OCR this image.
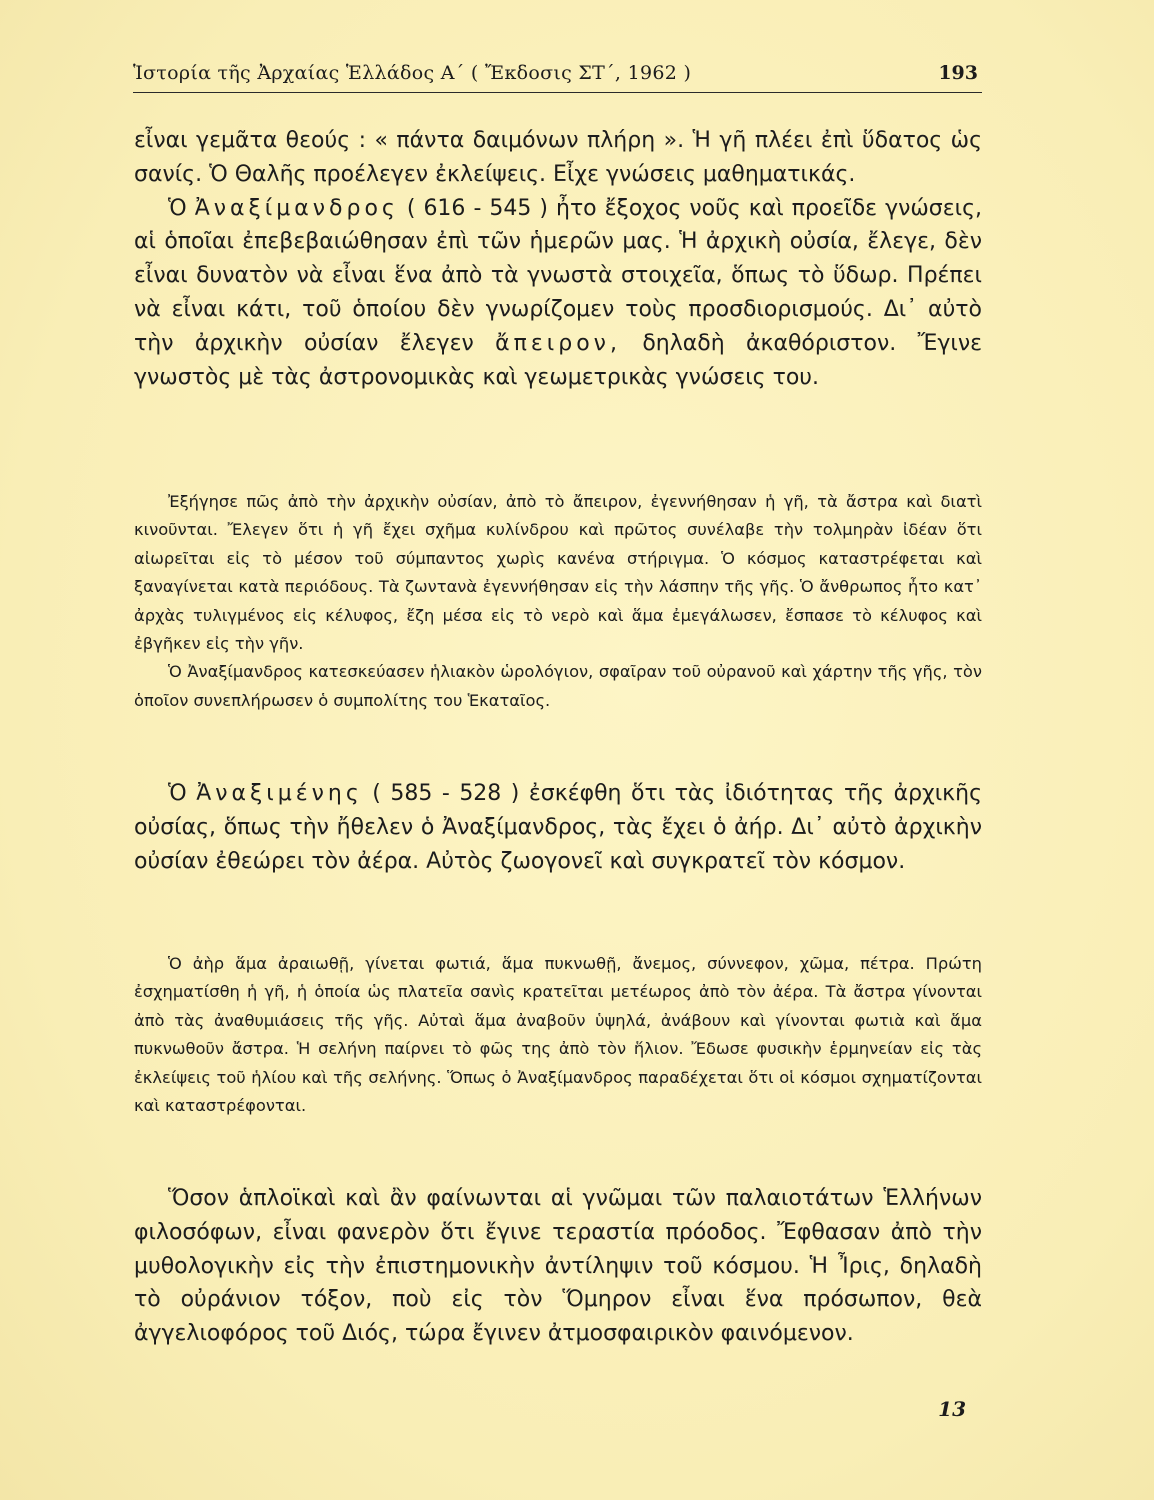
Ἱστορία τῆς Ἀρχαίας Ἑλλάδος Α΄ ( Ἔκδοσις ΣΤ΄, 1962 )	193

εἶναι γεμᾶτα θεούς : « πάντα δαιμόνων πλήρη ». Ἡ γῆ πλέει ἐπὶ ὕδατος ὡς σανίς. Ὁ Θαλῆς προέλεγεν ἐκλείψεις. Εἶχε γνώσεις μαθηματικάς.

Ὁ Ἀναξίμανδρος ( 616 - 545 ) ἦτο ἔξοχος νοῦς καὶ προεῖδε γνώσεις, αἱ ὁποῖαι ἐπεβεβαιώθησαν ἐπὶ τῶν ἡμερῶν μας. Ἡ ἀρχικὴ οὐσία, ἔλεγε, δὲν εἶναι δυνατὸν νὰ εἶναι ἕνα ἀπὸ τὰ γνωστὰ στοιχεῖα, ὅπως τὸ ὕδωρ. Πρέπει νὰ εἶναι κάτι, τοῦ ὁποίου δὲν γνωρίζομεν τοὺς προσδιορισμούς. Δι᾽ αὐτὸ τὴν ἀρχικὴν οὐσίαν ἔλεγεν ἄπειρον, δηλαδὴ ἀκαθόριστον. Ἔγινε γνωστὸς μὲ τὰς ἀστρονομικὰς καὶ γεωμετρικὰς γνώσεις του.

Ἐξήγησε πῶς ἀπὸ τὴν ἀρχικὴν οὐσίαν, ἀπὸ τὸ ἄπειρον, ἐγεννήθησαν ἡ γῆ, τὰ ἄστρα καὶ διατὶ κινοῦνται. Ἔλεγεν ὅτι ἡ γῆ ἔχει σχῆμα κυλίνδρου καὶ πρῶτος συνέλαβε τὴν τολμηρὰν ἰδέαν ὅτι αἰωρεῖται εἰς τὸ μέσον τοῦ σύμπαντος χωρὶς κανένα στήριγμα. Ὁ κόσμος καταστρέφεται καὶ ξαναγίνεται κατὰ περιόδους. Τὰ ζωντανὰ ἐγεννήθησαν εἰς τὴν λάσπην τῆς γῆς. Ὁ ἄνθρωπος ἦτο κατ᾽ ἀρχὰς τυλιγμένος εἰς κέλυφος, ἔζη μέσα εἰς τὸ νερὸ καὶ ἅμα ἐμεγάλωσεν, ἔσπασε τὸ κέλυφος καὶ ἐβγῆκεν εἰς τὴν γῆν.

Ὁ Ἀναξίμανδρος κατεσκεύασεν ἡλιακὸν ὡρολόγιον, σφαῖραν τοῦ οὐρανοῦ καὶ χάρτην τῆς γῆς, τὸν ὁποῖον συνεπλήρωσεν ὁ συμπολίτης του Ἑκαταῖος.

Ὁ Ἀναξιμένης ( 585 - 528 ) ἐσκέφθη ὅτι τὰς ἰδιότητας τῆς ἀρχικῆς οὐσίας, ὅπως τὴν ἤθελεν ὁ Ἀναξίμανδρος, τὰς ἔχει ὁ ἀήρ. Δι᾽ αὐτὸ ἀρχικὴν οὐσίαν ἐθεώρει τὸν ἀέρα. Αὐτὸς ζωογονεῖ καὶ συγκρατεῖ τὸν κόσμον.

Ὁ ἀὴρ ἅμα ἀραιωθῇ, γίνεται φωτιά, ἅμα πυκνωθῇ, ἄνεμος, σύννεφον, χῶμα, πέτρα. Πρώτη ἐσχηματίσθη ἡ γῆ, ἡ ὁποία ὡς πλατεῖα σανὶς κρατεῖται μετέωρος ἀπὸ τὸν ἀέρα. Τὰ ἄστρα γίνονται ἀπὸ τὰς ἀναθυμιάσεις τῆς γῆς. Αὐταὶ ἅμα ἀναβοῦν ὑψηλά, ἀνάβουν καὶ γίνονται φωτιὰ καὶ ἅμα πυκνωθοῦν ἄστρα. Ἡ σελήνη παίρνει τὸ φῶς της ἀπὸ τὸν ἥλιον. Ἔδωσε φυσικὴν ἑρμηνείαν εἰς τὰς ἐκλείψεις τοῦ ἡλίου καὶ τῆς σελήνης. Ὅπως ὁ Ἀναξίμανδρος παραδέχεται ὅτι οἱ κόσμοι σχηματίζονται καὶ καταστρέφονται.

Ὅσον ἁπλοϊκαὶ καὶ ἂν φαίνωνται αἱ γνῶμαι τῶν παλαιοτάτων Ἑλλήνων φιλοσόφων, εἶναι φανερὸν ὅτι ἔγινε τεραστία πρόοδος. Ἔφθασαν ἀπὸ τὴν μυθολογικὴν εἰς τὴν ἐπιστημονικὴν ἀντίληψιν τοῦ κόσμου. Ἡ Ἶρις, δηλαδὴ τὸ οὐράνιον τόξον, ποὺ εἰς τὸν Ὅμηρον εἶναι ἕνα πρόσωπον, θεὰ ἀγγελιοφόρος τοῦ Διός, τώρα ἔγινεν ἀτμοσφαιρικὸν φαινόμενον.

13
